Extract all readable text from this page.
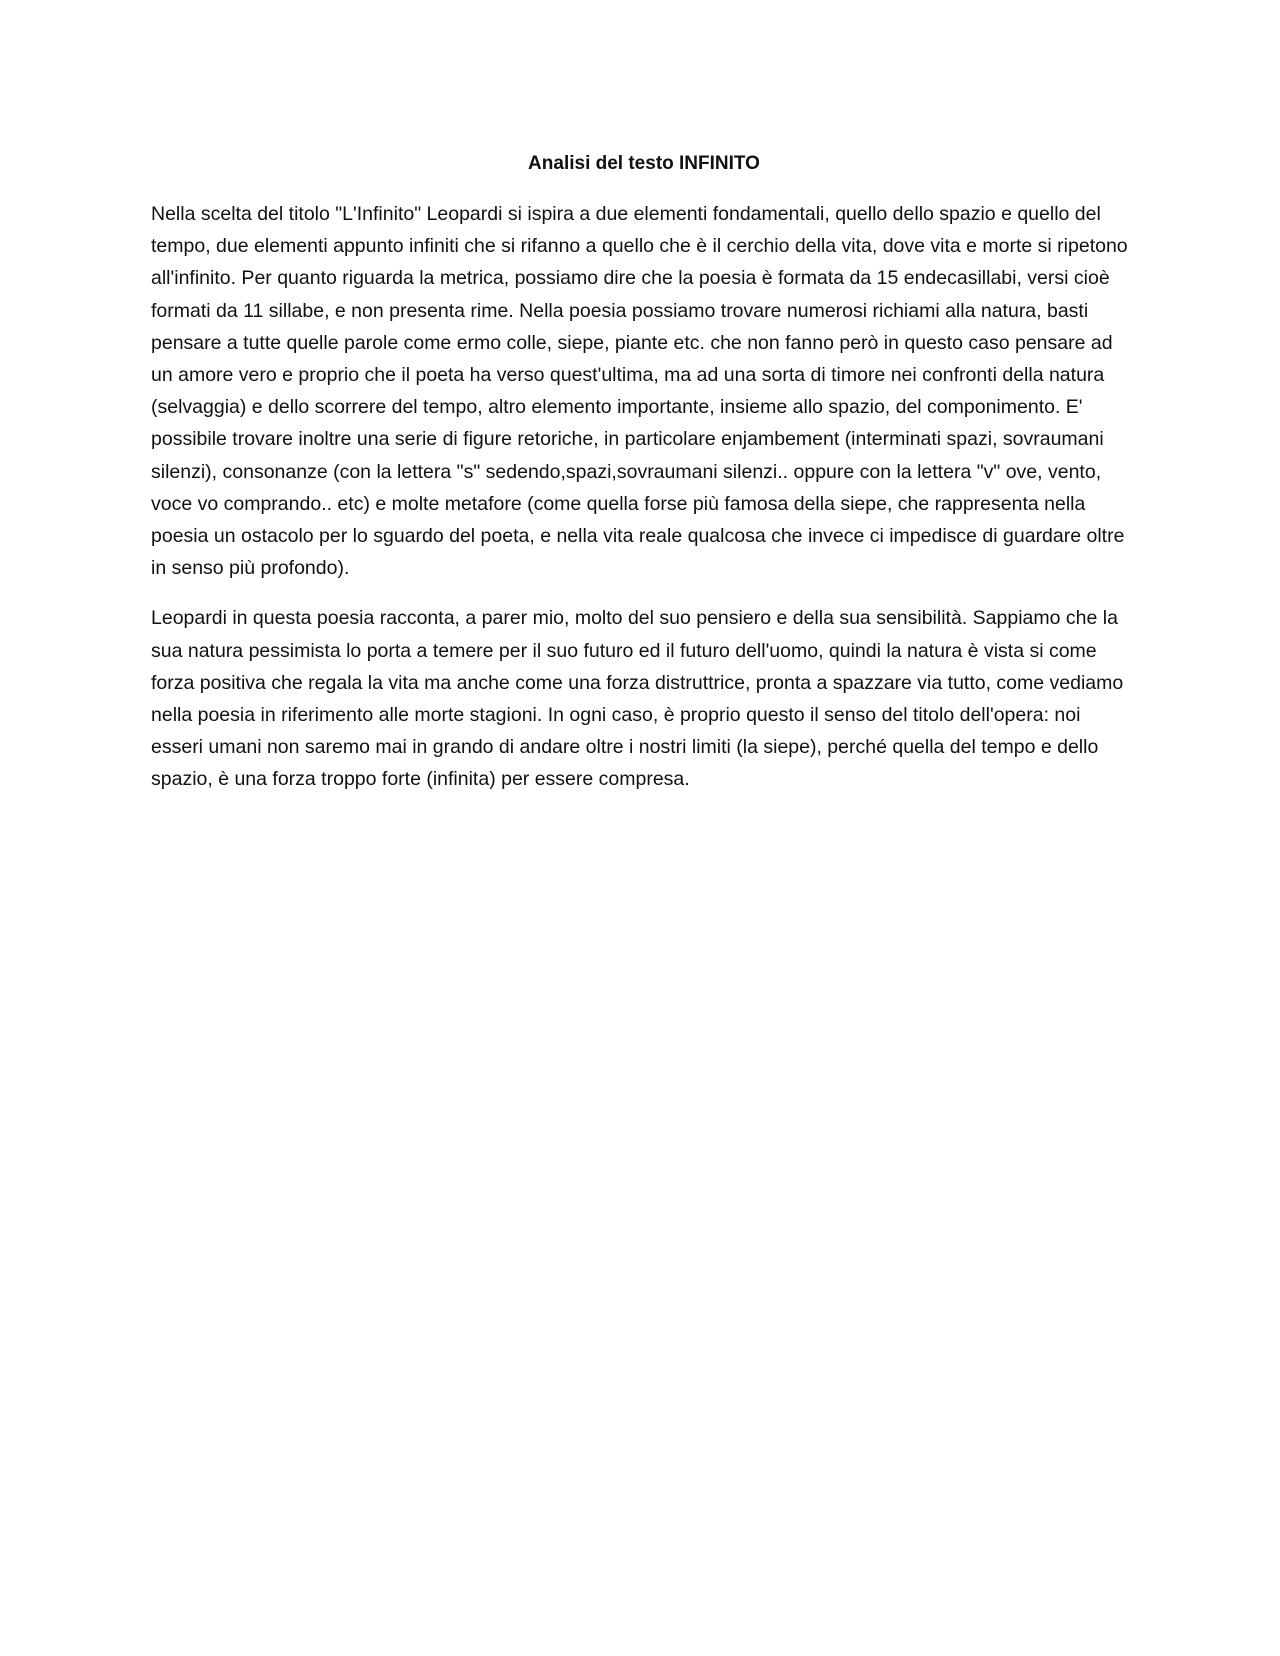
Analisi del testo INFINITO

Nella scelta del titolo "L'Infinito" Leopardi si ispira a due elementi fondamentali, quello dello spazio e quello del tempo, due elementi appunto infiniti che si rifanno a quello che è il cerchio della vita, dove vita e morte si ripetono all'infinito. Per quanto riguarda la metrica, possiamo dire che la poesia è formata da 15 endecasillabi, versi cioè formati da 11 sillabe, e non presenta rime. Nella poesia possiamo trovare numerosi richiami alla natura, basti pensare a tutte quelle parole come ermo colle, siepe, piante etc. che non fanno però in questo caso pensare ad un amore vero e proprio che il poeta ha verso quest'ultima, ma ad una sorta di timore nei confronti della natura (selvaggia) e dello scorrere del tempo, altro elemento importante, insieme allo spazio, del componimento. E' possibile trovare inoltre una serie di figure retoriche, in particolare enjambement (interminati spazi, sovraumani silenzi), consonanze (con la lettera "s" sedendo,spazi,sovraumani silenzi.. oppure con la lettera "v" ove, vento, voce vo comprando.. etc) e molte metafore (come quella forse più famosa della siepe, che rappresenta nella poesia un ostacolo per lo sguardo del poeta, e nella vita reale qualcosa che invece ci impedisce di guardare oltre in senso più profondo).

Leopardi in questa poesia racconta, a parer mio, molto del suo pensiero e della sua sensibilità. Sappiamo che la sua natura pessimista lo porta a temere per il suo futuro ed il futuro dell'uomo, quindi la natura è vista si come forza positiva che regala la vita ma anche come una forza distruttrice, pronta a spazzare via tutto, come vediamo nella poesia in riferimento alle morte stagioni. In ogni caso, è proprio questo il senso del titolo dell'opera: noi esseri umani non saremo mai in grando di andare oltre i nostri limiti (la siepe), perché quella del tempo e dello spazio, è una forza troppo forte (infinita) per essere compresa.
